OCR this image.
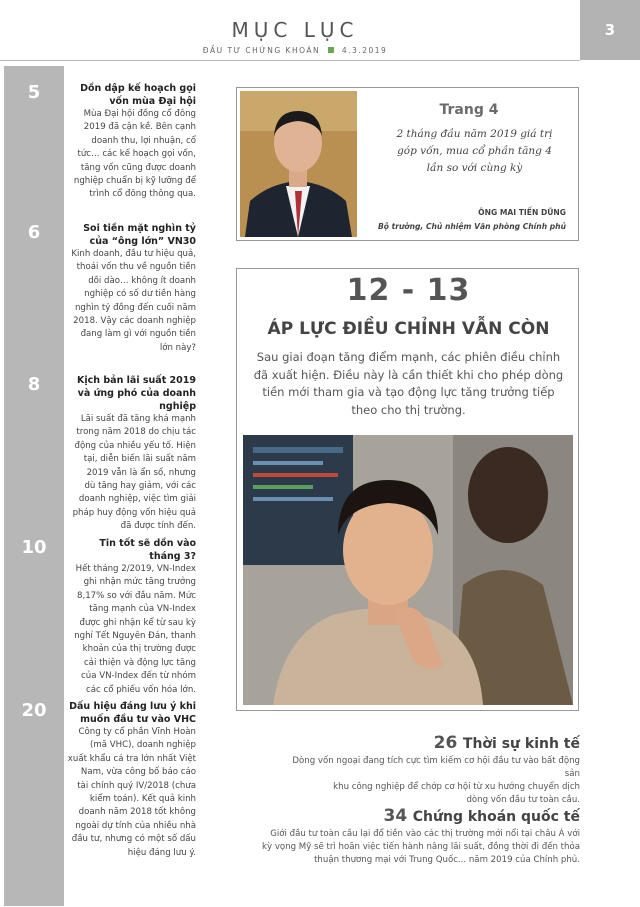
MỤC LỤC
ĐẦU TƯ CHỨNG KHOÁN	4.3.2019
3
5	Dồn dập kế hoạch gọi vốn mùa Đại hội

Mùa Đại hội đồng cổ đông
2019 đã cận kề. Bên cạnh
doanh thu, lợi nhuận, cổ
tức… các kế hoạch gọi vốn,
tăng vốn cũng được doanh
nghiệp chuẩn bị kỹ lưỡng để
trình cổ đông thông qua.

6	Soi tiền mặt nghìn tỷ của “ông lớn” VN30

Kinh doanh, đầu tư hiệu quả,
thoái vốn thu về nguồn tiền
dồi dào… không ít doanh
nghiệp có số dư tiền hàng
nghìn tỷ đồng đến cuối năm
2018. Vậy các doanh nghiệp
đang làm gì với nguồn tiền
lớn này?

8	Kịch bản lãi suất 2019 và ứng phó của doanh nghiệp

Lãi suất đã tăng khá mạnh
trong năm 2018 do chịu tác
động của nhiều yếu tố. Hiện
tại, diễn biến lãi suất năm
2019 vẫn là ẩn số, nhưng
dù tăng hay giảm, với các
doanh nghiệp, việc tìm giải
pháp huy động vốn hiệu quả
đã được tính đến.

10	Tin tốt sẽ dồn vào tháng 3?

Hết tháng 2/2019, VN-Index
ghi nhận mức tăng trưởng
8,17% so với đầu năm. Mức
tăng mạnh của VN-Index
được ghi nhận kể từ sau kỳ
nghỉ Tết Nguyên Đán, thanh
khoản của thị trường được
cải thiện và động lực tăng
của VN-Index đến từ nhóm
các cổ phiếu vốn hóa lớn.

20	Dấu hiệu đáng lưu ý khi muốn đầu tư vào VHC

Công ty cổ phần Vĩnh Hoàn
(mã VHC), doanh nghiệp
xuất khẩu cá tra lớn nhất Việt
Nam, vừa công bố báo cáo
tài chính quý IV/2018 (chưa
kiểm toán). Kết quả kinh
doanh năm 2018 tốt không
ngoài dự tính của nhiều nhà
đầu tư, nhưng có một số dấu
hiệu đáng lưu ý.

Trang 4
2 tháng đầu năm 2019 giá trị
góp vốn, mua cổ phần tăng 4
lần so với cùng kỳ
ÔNG MAI TIẾN DŨNG
Bộ trưởng, Chủ nhiệm Văn phòng Chính phủ
12 - 13
ÁP LỰC ĐIỀU CHỈNH VẪN CÒN
Sau giai đoạn tăng điểm mạnh, các phiên điều chỉnh đã xuất hiện. Điều này là cần thiết khi cho phép dòng tiền mới tham gia và tạo động lực tăng trưởng tiếp theo cho thị trường.
26 Thời sự kinh tế
Dòng vốn ngoại đang tích cực tìm kiếm cơ hội đầu tư vào bất động sản
khu công nghiệp để chớp cơ hội từ xu hướng chuyển dịch
dòng vốn đầu tư toàn cầu.
34 Chứng khoán quốc tế
Giới đầu tư toàn cầu lại đổ tiền vào các thị trường mới nổi tại châu Á với
kỳ vọng Mỹ sẽ trì hoãn việc tiến hành nâng lãi suất, đồng thời đi đến thỏa
thuận thương mại với Trung Quốc... năm 2019 của Chính phủ.
